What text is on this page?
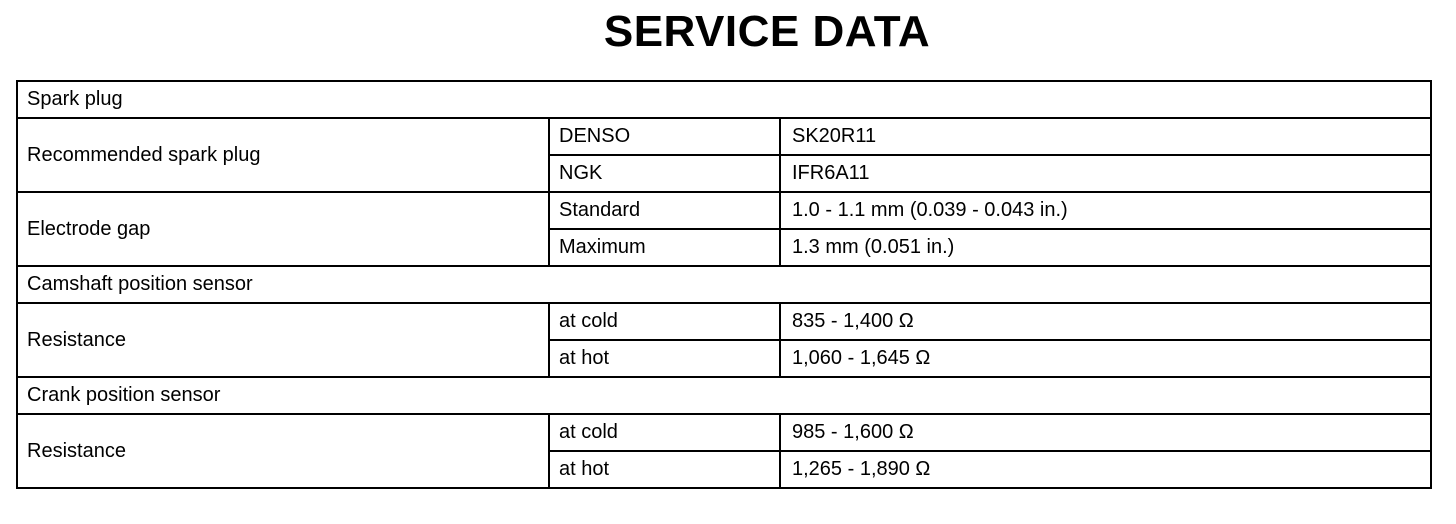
SERVICE DATA
Spark plug		
Recommended spark plug	DENSO	SK20R11
	NGK	IFR6A11
Electrode gap	Standard	1.0 - 1.1 mm (0.039 - 0.043 in.)
	Maximum	1.3 mm (0.051 in.)
Camshaft position sensor		
Resistance	at cold	835 - 1,400 Ω
	at hot	1,060 - 1,645 Ω
Crank position sensor		
Resistance	at cold	985 - 1,600 Ω
	at hot	1,265 - 1,890 Ω
